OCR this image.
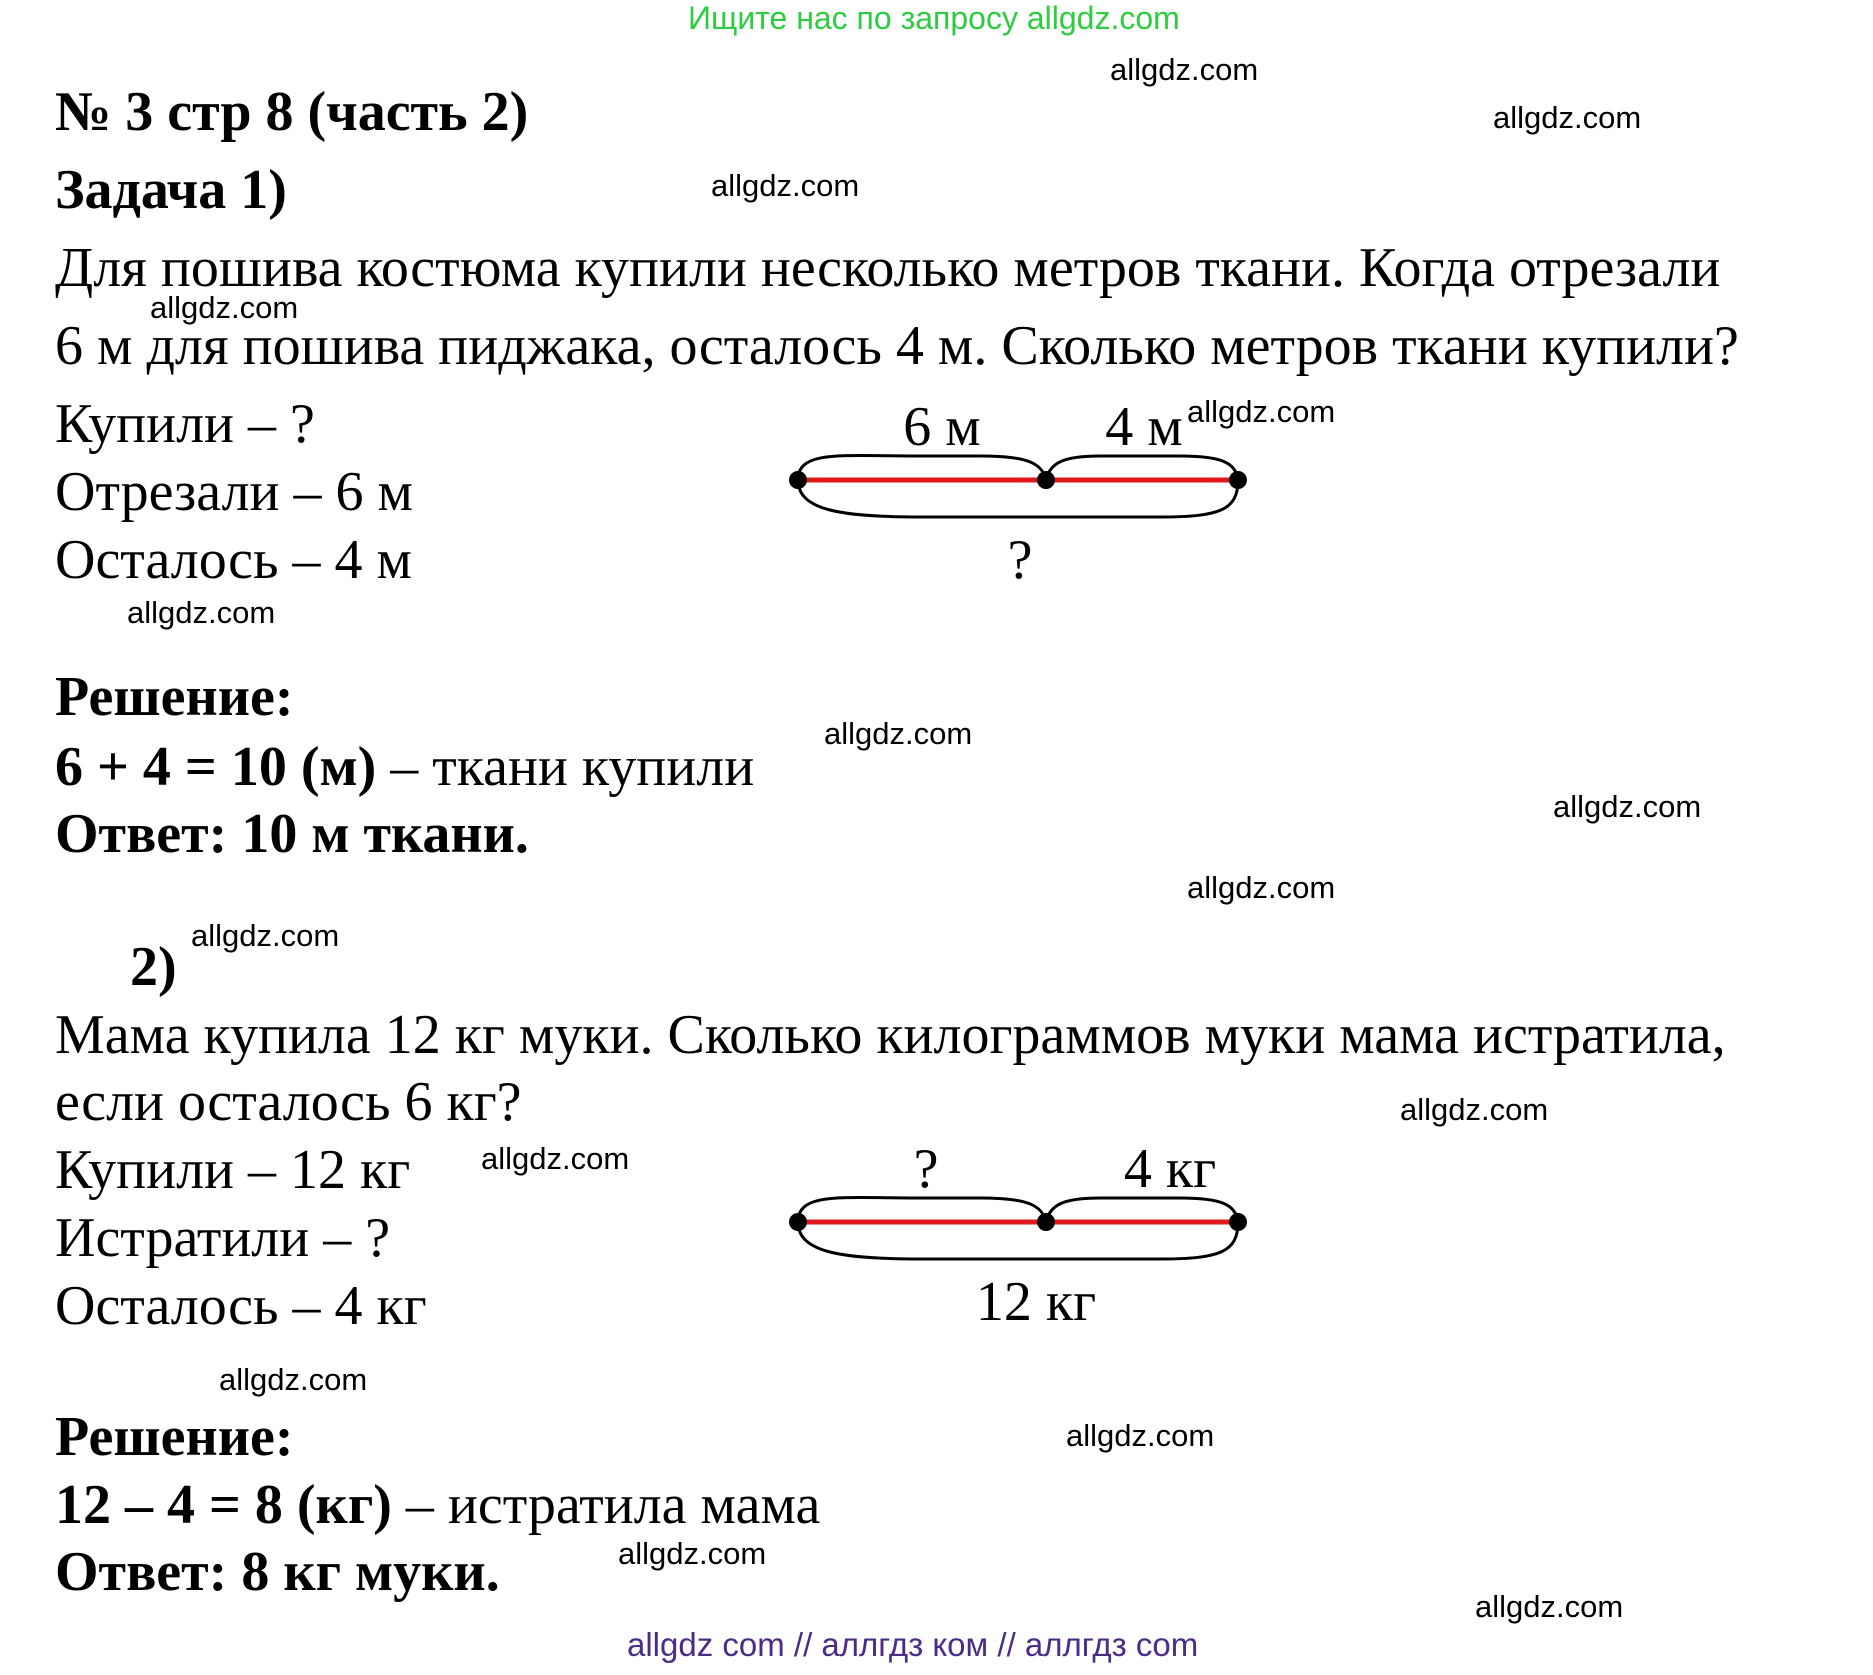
Ищите нас по запросу allgdz.com
№ 3 стр 8 (часть 2)
Задача 1)
Для пошива костюма купили несколько метров ткани. Когда отрезали
6 м для пошива пиджака, осталось 4 м. Сколько метров ткани купили?
Купили – ?
Отрезали – 6 м
Осталось – 4 м
6 м 4 м
?
Решение:
6 + 4 = 10 (м) – ткани купили
Ответ: 10 м ткани.
2)
Мама купила 12 кг муки. Сколько килограммов муки мама истратила,
если осталось 6 кг?
Купили – 12 кг
Истратили – ?
Осталось – 4 кг
?	4 кг
12 кг
Решение:
12 – 4 = 8 (кг) – истратила мама
Ответ: 8 кг муки.
allgdz.com
allgdz.com
allgdz.com
allgdz.com
allgdz.com
allgdz.com
allgdz.com
allgdz.com
allgdz.com
allgdz.com
allgdz.com
allgdz.com
allgdz.com
allgdz.com
allgdz.com
allgdz.com
allgdz com // аллгдз ком // аллгдз com
